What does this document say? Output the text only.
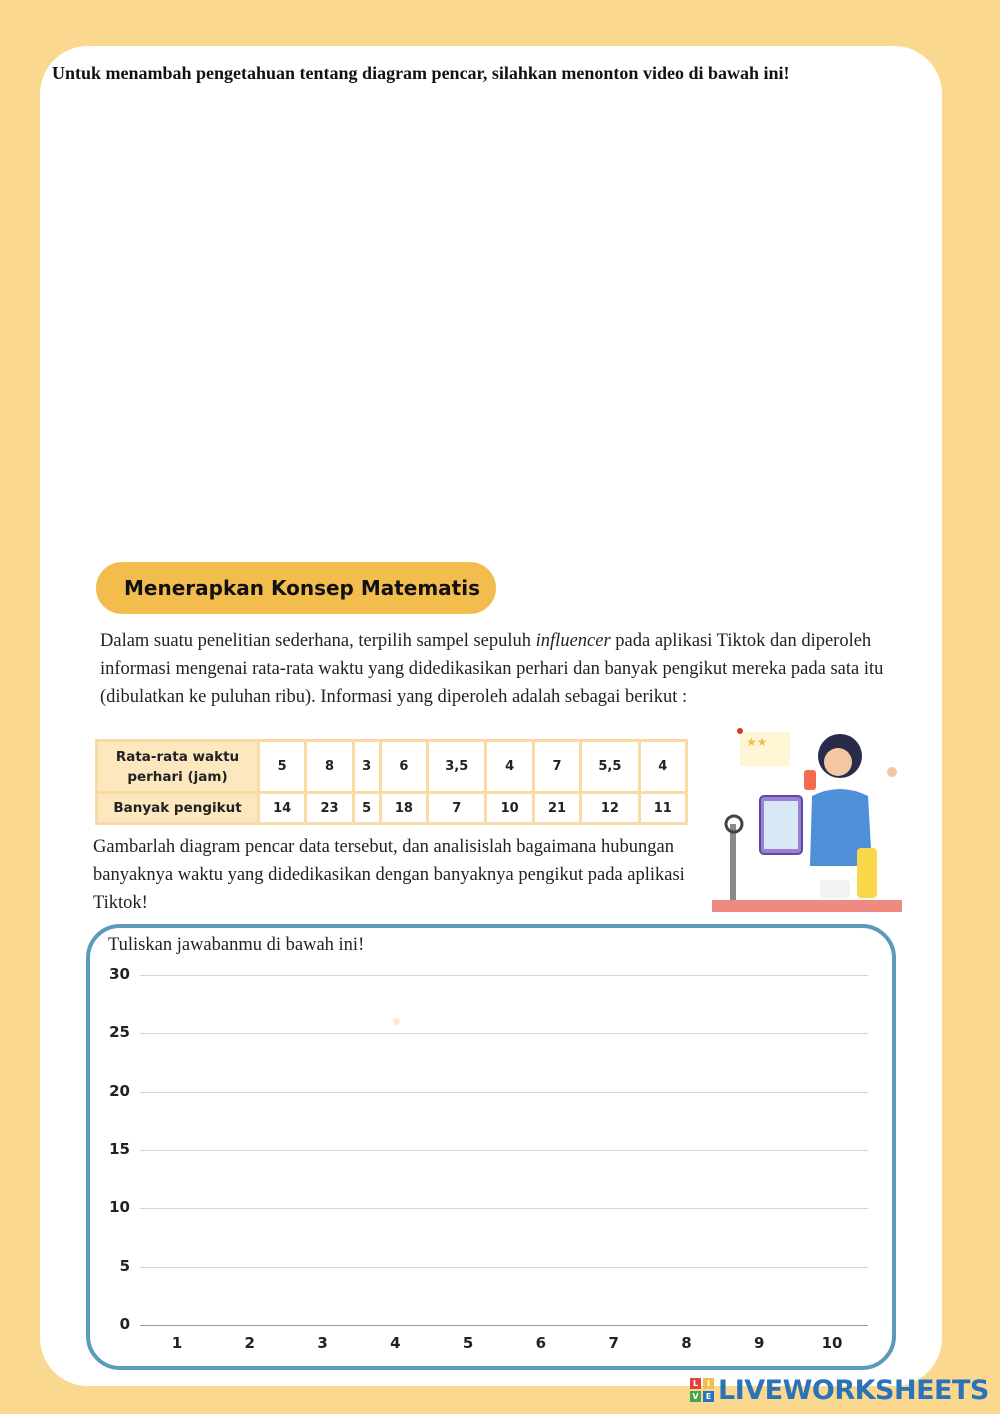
Untuk menambah pengetahuan tentang diagram pencar, silahkan menonton video di bawah ini!
Menerapkan Konsep Matematis
Dalam suatu penelitian sederhana, terpilih sampel sepuluh influencer pada aplikasi Tiktok dan diperoleh informasi mengenai rata-rata waktu yang didedikasikan perhari dan banyak pengikut mereka pada sata itu (dibulatkan ke puluhan ribu). Informasi yang diperoleh adalah sebagai berikut :
Rata-rata waktu perhari (jam)	5	8	3	6	3,5	4	7	5,5	4
Banyak pengikut	14	23	5	18	7	10	21	12	11
★★
Gambarlah diagram pencar data tersebut, dan analisislah bagaimana hubungan banyaknya waktu yang didedikasikan dengan banyaknya pengikut pada aplikasi Tiktok!
Tuliskan jawabanmu di bawah ini!
30
25
20
15
10
5
0
1	2	3	4	5	6	7	8	9	10
L	I
V E LIVEWORKSHEETS
